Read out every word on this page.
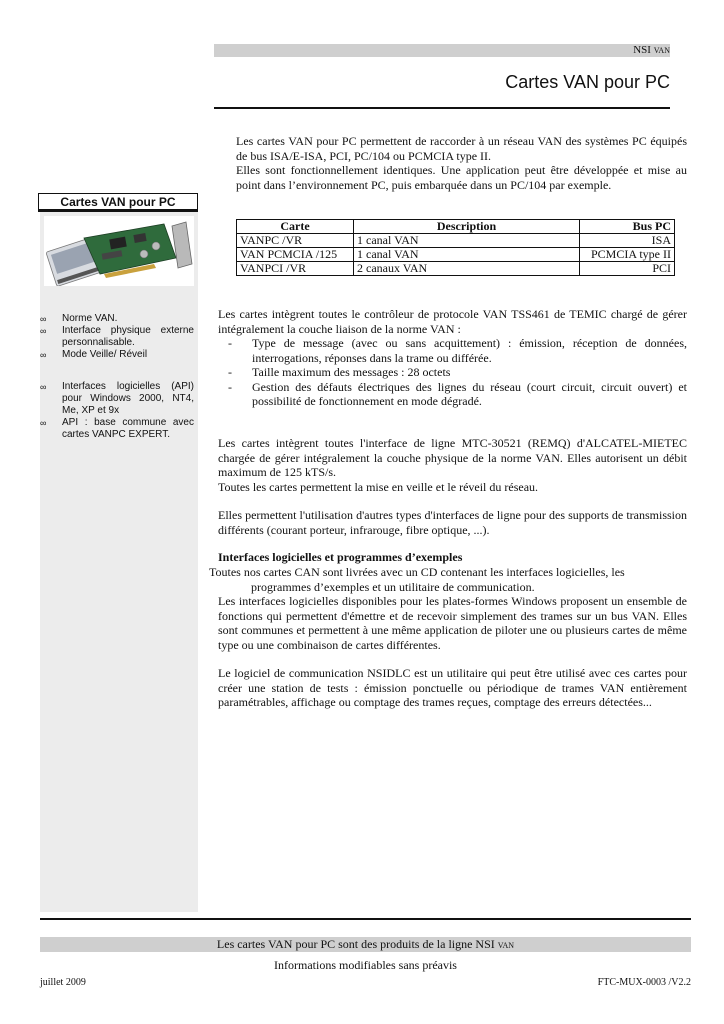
NSI VAN
Cartes VAN pour PC
Les cartes VAN pour PC permettent de raccorder à un réseau VAN des systèmes PC équipés de bus ISA/E-ISA, PCI, PC/104 ou PCMCIA type II.
Elles sont fonctionnellement identiques. Une application peut être développée et mise au point dans l’environnement PC, puis embarquée dans un PC/104 par exemple.
Cartes VAN pour PC
∞ Norme VAN.
∞ Interface physique externe personnalisable.
∞ Mode Veille/ Réveil
∞ Interfaces logicielles (API) pour Windows 2000, NT4, Me, XP et 9x
∞ API : base commune avec cartes VANPC EXPERT.
Carte	Description	Bus PC
VANPC /VR	1 canal VAN	ISA
VAN PCMCIA /125	1 canal VAN	PCMCIA type II
VANPCI /VR	2 canaux VAN	PCI
Les cartes intègrent toutes le contrôleur de protocole VAN TSS461 de TEMIC chargé de gérer intégralement la couche liaison de la norme VAN :
- Type de message (avec ou sans acquittement) : émission, réception de données, interrogations, réponses dans la trame ou différée.
- Taille maximum des messages : 28 octets
- Gestion des défauts électriques des lignes du réseau (court circuit, circuit ouvert) et possibilité de fonctionnement en mode dégradé.
Les cartes intègrent toutes l'interface de ligne MTC-30521 (REMQ) d'ALCATEL-MIETEC chargée de gérer intégralement la couche physique de la norme VAN. Elles autorisent un débit maximum de 125 kTS/s.
Toutes les cartes permettent la mise en veille et le réveil du réseau.
Elles permettent l'utilisation d'autres types d'interfaces de ligne pour des supports de transmission différents (courant porteur, infrarouge, fibre optique, ...).
Interfaces logicielles et programmes d’exemples
Toutes nos cartes CAN sont livrées avec un CD contenant les interfaces logicielles, les
programmes d’exemples et un utilitaire de communication.
Les interfaces logicielles disponibles pour les plates-formes Windows proposent un ensemble de fonctions qui permettent d'émettre et de recevoir simplement des trames sur un bus VAN. Elles sont communes et permettent à une même application de piloter une ou plusieurs cartes de même type ou une combinaison de cartes différentes.
Le logiciel de communication NSIDLC est un utilitaire qui peut être utilisé avec ces cartes pour créer une station de tests : émission ponctuelle ou périodique de trames VAN entièrement paramétrables, affichage ou comptage des trames reçues, comptage des erreurs détectées...
Les cartes VAN pour PC sont des produits de la ligne NSI VAN
Informations modifiables sans préavis
juillet 2009	FTC-MUX-0003 /V2.2
